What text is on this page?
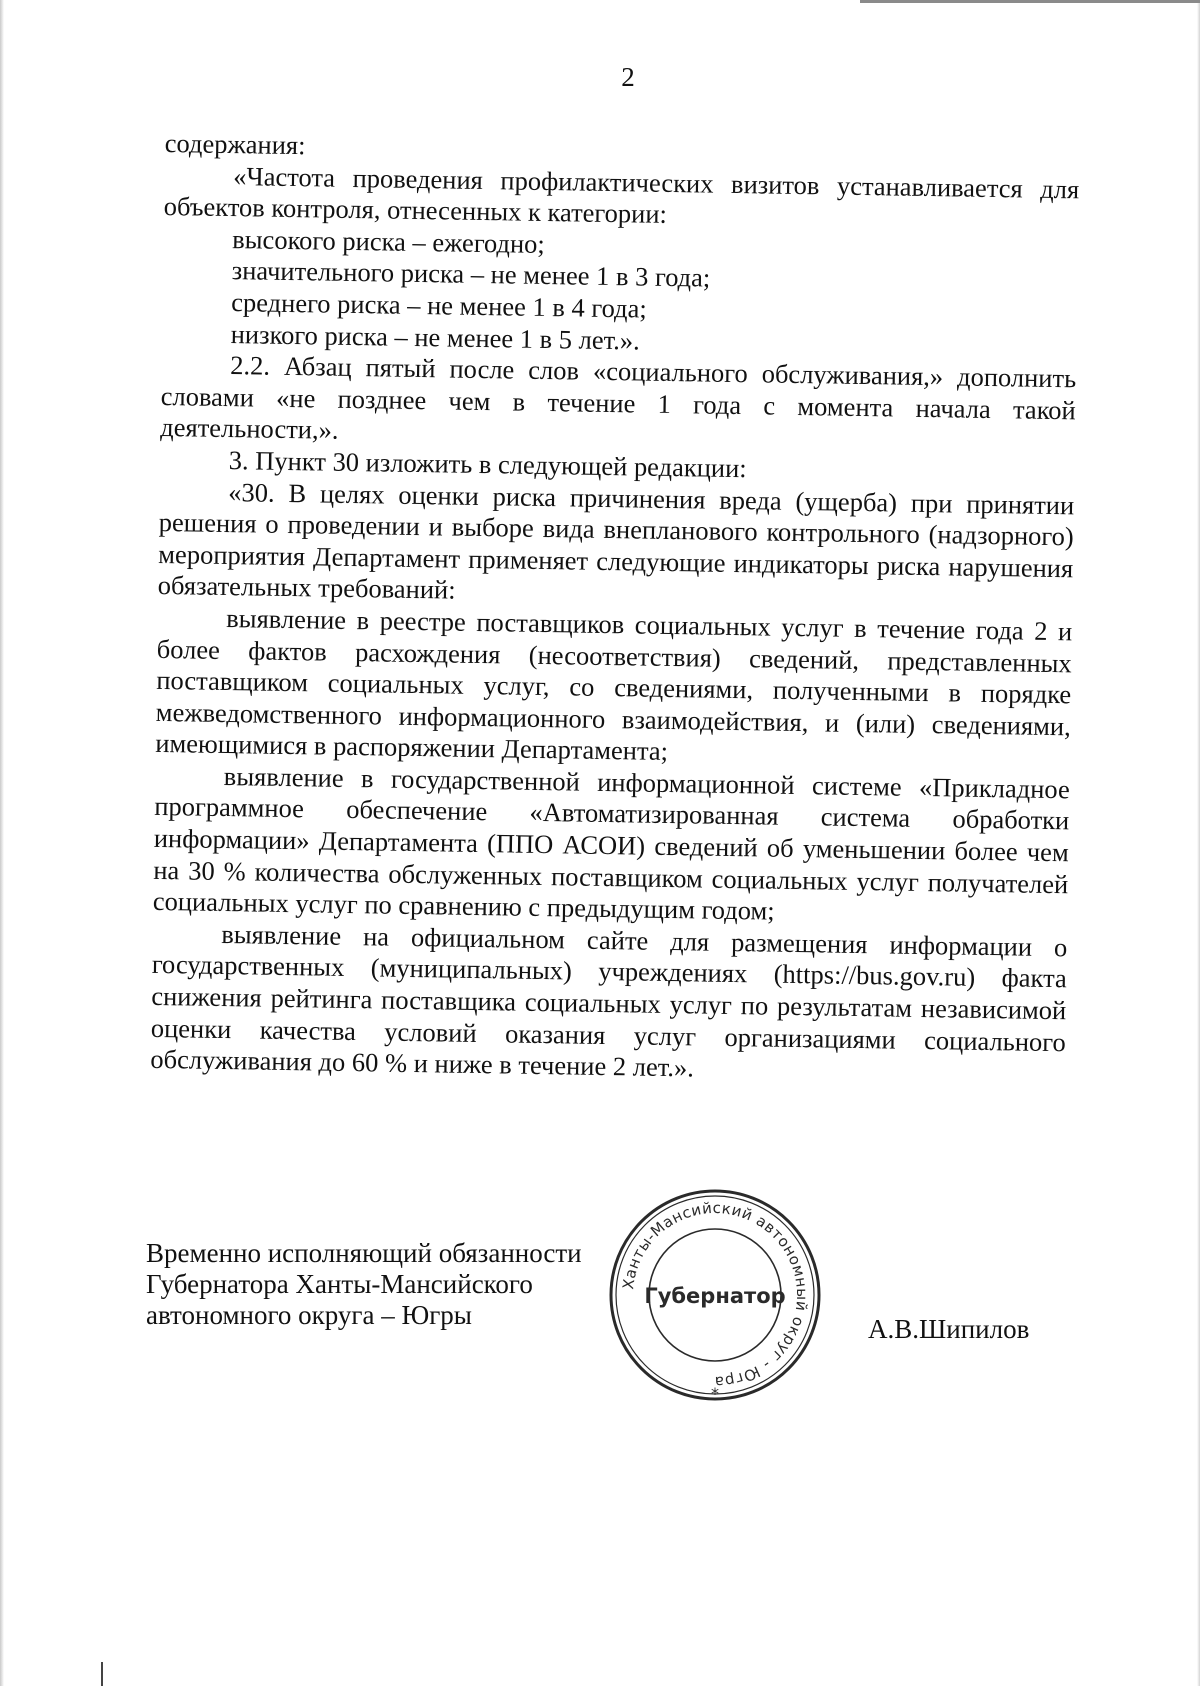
2

содержания:

«Частота проведения профилактических визитов устанавливается для объектов контроля, отнесенных к категории:

высокого риска – ежегодно;

значительного риска – не менее 1 в 3 года;

среднего риска – не менее 1 в 4 года;

низкого риска – не менее 1 в 5 лет.».

2.2. Абзац пятый после слов «социального обслуживания,» дополнить словами «не позднее чем в течение 1 года с момента начала такой деятельности,».

3. Пункт 30 изложить в следующей редакции:

«30. В целях оценки риска причинения вреда (ущерба) при принятии решения о проведении и выборе вида внепланового контрольного (надзорного) мероприятия Департамент применяет следующие индикаторы риска нарушения обязательных требований:

выявление в реестре поставщиков социальных услуг в течение года 2 и более фактов расхождения (несоответствия) сведений, представленных поставщиком социальных услуг, со сведениями, полученными в порядке межведомственного информационного взаимодействия, и (или) сведениями, имеющимися в распоряжении Департамента;

выявление в государственной информационной системе «Прикладное программное обеспечение «Автоматизированная система обработки информации» Департамента (ППО АСОИ) сведений об уменьшении более чем на 30 % количества обслуженных поставщиком социальных услуг получателей социальных услуг по сравнению с предыдущим годом;

выявление на официальном сайте для размещения информации о государственных (муниципальных) учреждениях (https://bus.gov.ru) факта снижения рейтинга поставщика социальных услуг по результатам независимой оценки качества условий оказания услуг организациями социального обслуживания до 60 % и ниже в течение 2 лет.».

Временно исполняющий обязанности
Губернатора Ханты-Мансийского
автономного округа – Югры
Ханты-Мансийский автономный округ - Югра
Губернатор
*
А.В.Шипилов
